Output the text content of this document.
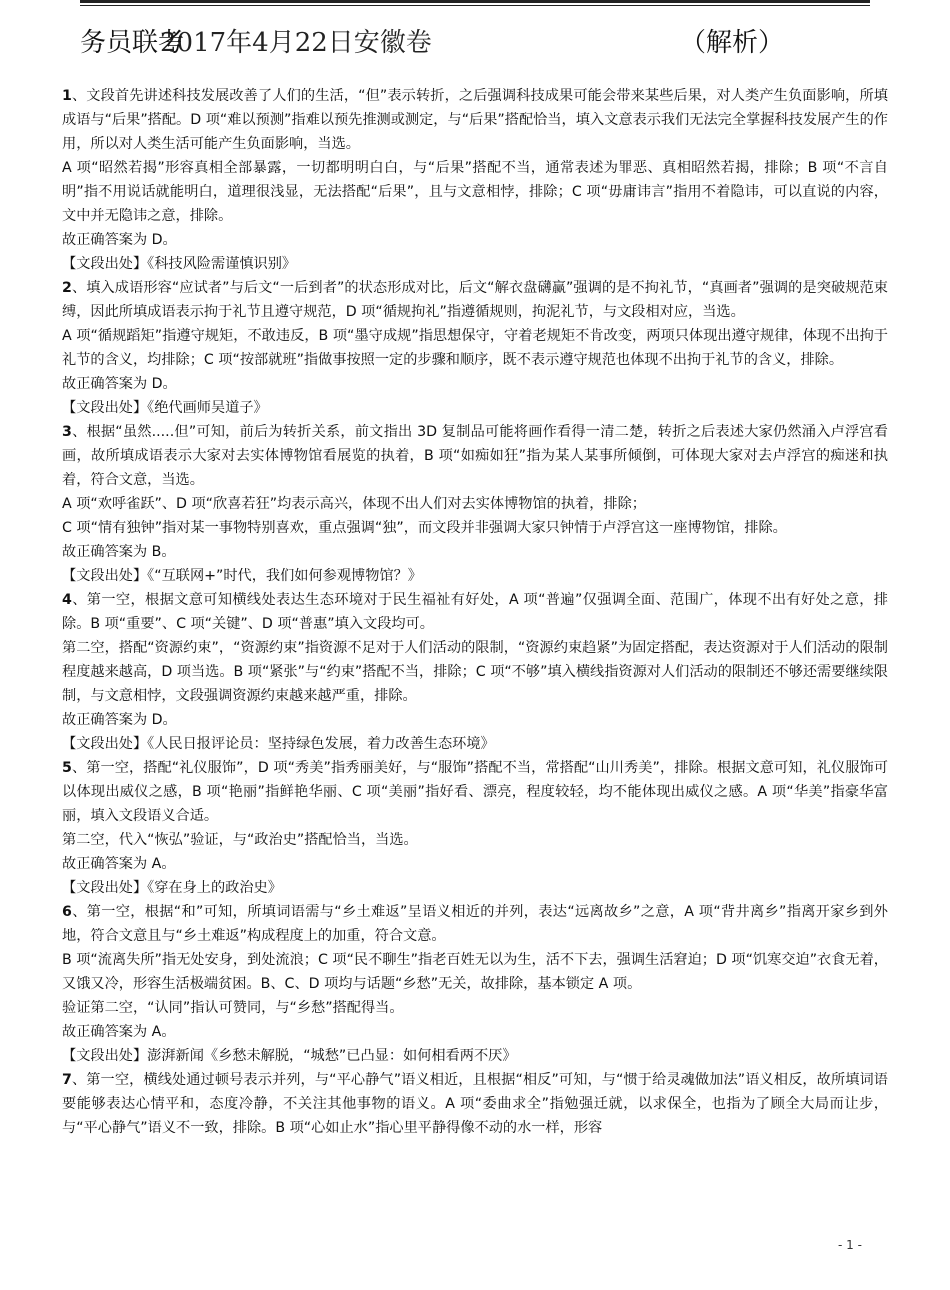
务员联考
2017年4月22日安徽卷	（解析）

1、文段首先讲述科技发展改善了人们的生活，“但”表示转折，之后强调科技成果可能会带来某些后果，对人类产生负面影响，所填成语与“后果”搭配。D 项“难以预测”指难以预先推测或测定，与“后果”搭配恰当，填入文意表示我们无法完全掌握科技发展产生的作用，所以对人类生活可能产生负面影响，当选。

A 项“昭然若揭”形容真相全部暴露，一切都明明白白，与“后果”搭配不当，通常表述为罪恶、真相昭然若揭，排除；B 项“不言自明”指不用说话就能明白，道理很浅显，无法搭配“后果”，且与文意相悖，排除；C 项“毋庸讳言”指用不着隐讳，可以直说的内容，文中并无隐讳之意，排除。

故正确答案为 D。

【文段出处】《科技风险需谨慎识别》

2、填入成语形容“应试者”与后文“一后到者”的状态形成对比，后文“解衣盘礴赢”强调的是不拘礼节，“真画者”强调的是突破规范束缚，因此所填成语表示拘于礼节且遵守规范，D 项“循规拘礼”指遵循规则，拘泥礼节，与文段相对应，当选。

A 项“循规蹈矩”指遵守规矩，不敢违反，B 项“墨守成规”指思想保守，守着老规矩不肯改变，两项只体现出遵守规律，体现不出拘于礼节的含义，均排除；C 项“按部就班”指做事按照一定的步骤和顺序，既不表示遵守规范也体现不出拘于礼节的含义，排除。

故正确答案为 D。

【文段出处】《绝代画师吴道子》

3、根据“虽然.....但”可知，前后为转折关系，前文指出 3D 复制品可能将画作看得一清二楚，转折之后表述大家仍然涌入卢浮宫看画，故所填成语表示大家对去实体博物馆看展览的执着，B 项“如痴如狂”指为某人某事所倾倒，可体现大家对去卢浮宫的痴迷和执着，符合文意，当选。

A 项“欢呼雀跃”、D 项“欣喜若狂”均表示高兴，体现不出人们对去实体博物馆的执着，排除；

C 项“情有独钟”指对某一事物特别喜欢，重点强调“独”，而文段并非强调大家只钟情于卢浮宫这一座博物馆，排除。

故正确答案为 B。

【文段出处】《“互联网+”时代，我们如何参观博物馆？》

4、第一空，根据文意可知横线处表达生态环境对于民生福祉有好处，A 项“普遍”仅强调全面、范围广，体现不出有好处之意，排除。B 项“重要”、C 项“关键”、D 项“普惠”填入文段均可。

第二空，搭配“资源约束”，“资源约束”指资源不足对于人们活动的限制，“资源约束趋紧”为固定搭配，表达资源对于人们活动的限制程度越来越高，D 项当选。B 项“紧张”与“约束”搭配不当，排除；C 项“不够”填入横线指资源对人们活动的限制还不够还需要继续限制，与文意相悖，文段强调资源约束越来越严重，排除。

故正确答案为 D。

【文段出处】《人民日报评论员：坚持绿色发展，着力改善生态环境》

5、第一空，搭配“礼仪服饰”，D 项“秀美”指秀丽美好，与“服饰”搭配不当，常搭配“山川秀美”，排除。根据文意可知，礼仪服饰可以体现出威仪之感，B 项“艳丽”指鲜艳华丽、C 项“美丽”指好看、漂亮，程度较轻，均不能体现出威仪之感。A 项“华美”指豪华富丽，填入文段语义合适。

第二空，代入“恢弘”验证，与“政治史”搭配恰当，当选。

故正确答案为 A。

【文段出处】《穿在身上的政治史》

6、第一空，根据“和”可知，所填词语需与“乡土难返”呈语义相近的并列，表达“远离故乡”之意，A 项“背井离乡”指离开家乡到外地，符合文意且与“乡土难返”构成程度上的加重，符合文意。

B 项“流离失所”指无处安身，到处流浪；C 项“民不聊生”指老百姓无以为生，活不下去，强调生活窘迫；D 项“饥寒交迫”衣食无着，又饿又冷，形容生活极端贫困。B、C、D 项均与话题“乡愁”无关，故排除，基本锁定 A 项。

验证第二空，“认同”指认可赞同，与“乡愁”搭配得当。

故正确答案为 A。

【文段出处】澎湃新闻《乡愁未解脱，“城愁”已凸显：如何相看两不厌》

7、第一空，横线处通过顿号表示并列，与“平心静气”语义相近，且根据“相反”可知，与“惯于给灵魂做加法”语义相反，故所填词语要能够表达心情平和，态度冷静，不关注其他事物的语义。A 项“委曲求全”指勉强迁就，以求保全，也指为了顾全大局而让步，与“平心静气”语义不一致，排除。B 项“心如止水”指心里平静得像不动的水一样，形容

- 1 -
